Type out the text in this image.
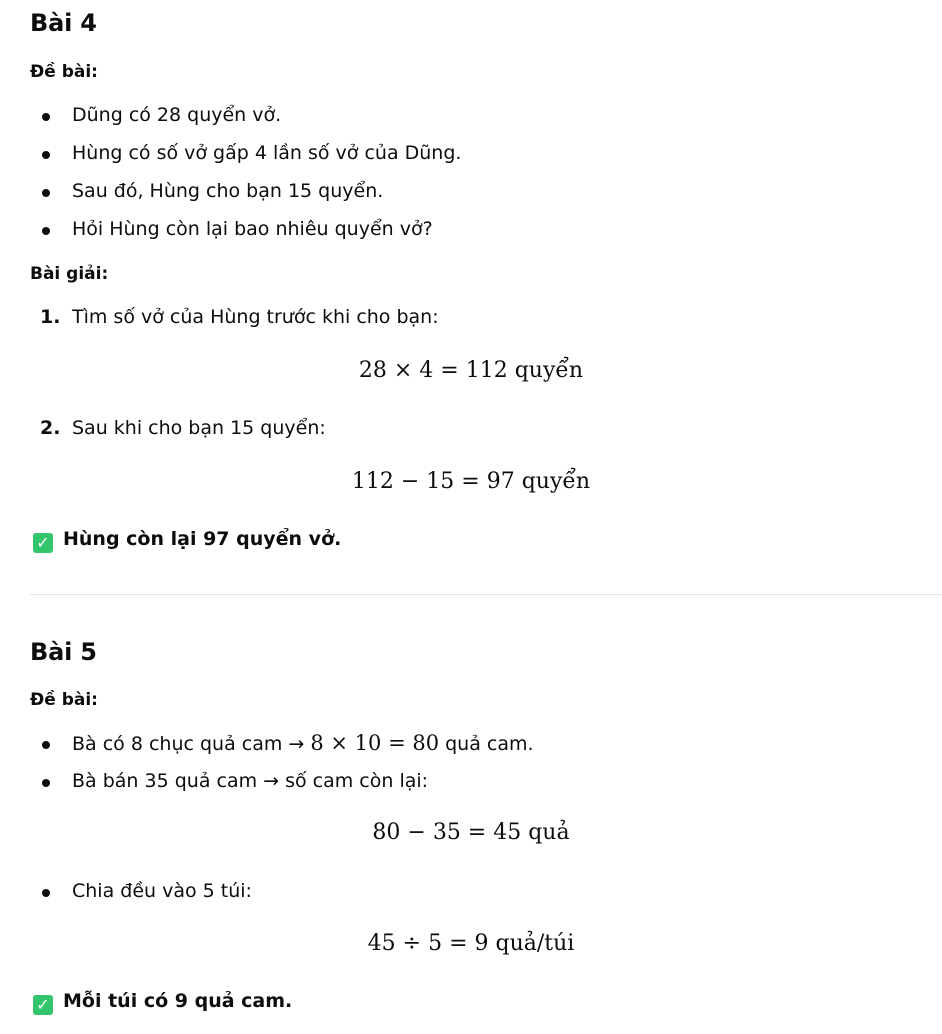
Bài 4

Đề bài:

Dũng có 28 quyển vở.
Hùng có số vở gấp 4 lần số vở của Dũng.
Sau đó, Hùng cho bạn 15 quyển.
Hỏi Hùng còn lại bao nhiêu quyển vở?

Bài giải:

1. Tìm số vở của Hùng trước khi cho bạn:
28 × 4 = 112 quyển
2. Sau khi cho bạn 15 quyển:
112 − 15 = 97 quyển
✓ Hùng còn lại 97 quyển vở.
Bài 5

Đề bài:

Bà có 8 chục quả cam → 8 × 10 = 80 quả cam.
Bà bán 35 quả cam → số cam còn lại:
80 − 35 = 45 quả
Chia đều vào 5 túi:
45 ÷ 5 = 9 quả/túi
✓ Mỗi túi có 9 quả cam.
